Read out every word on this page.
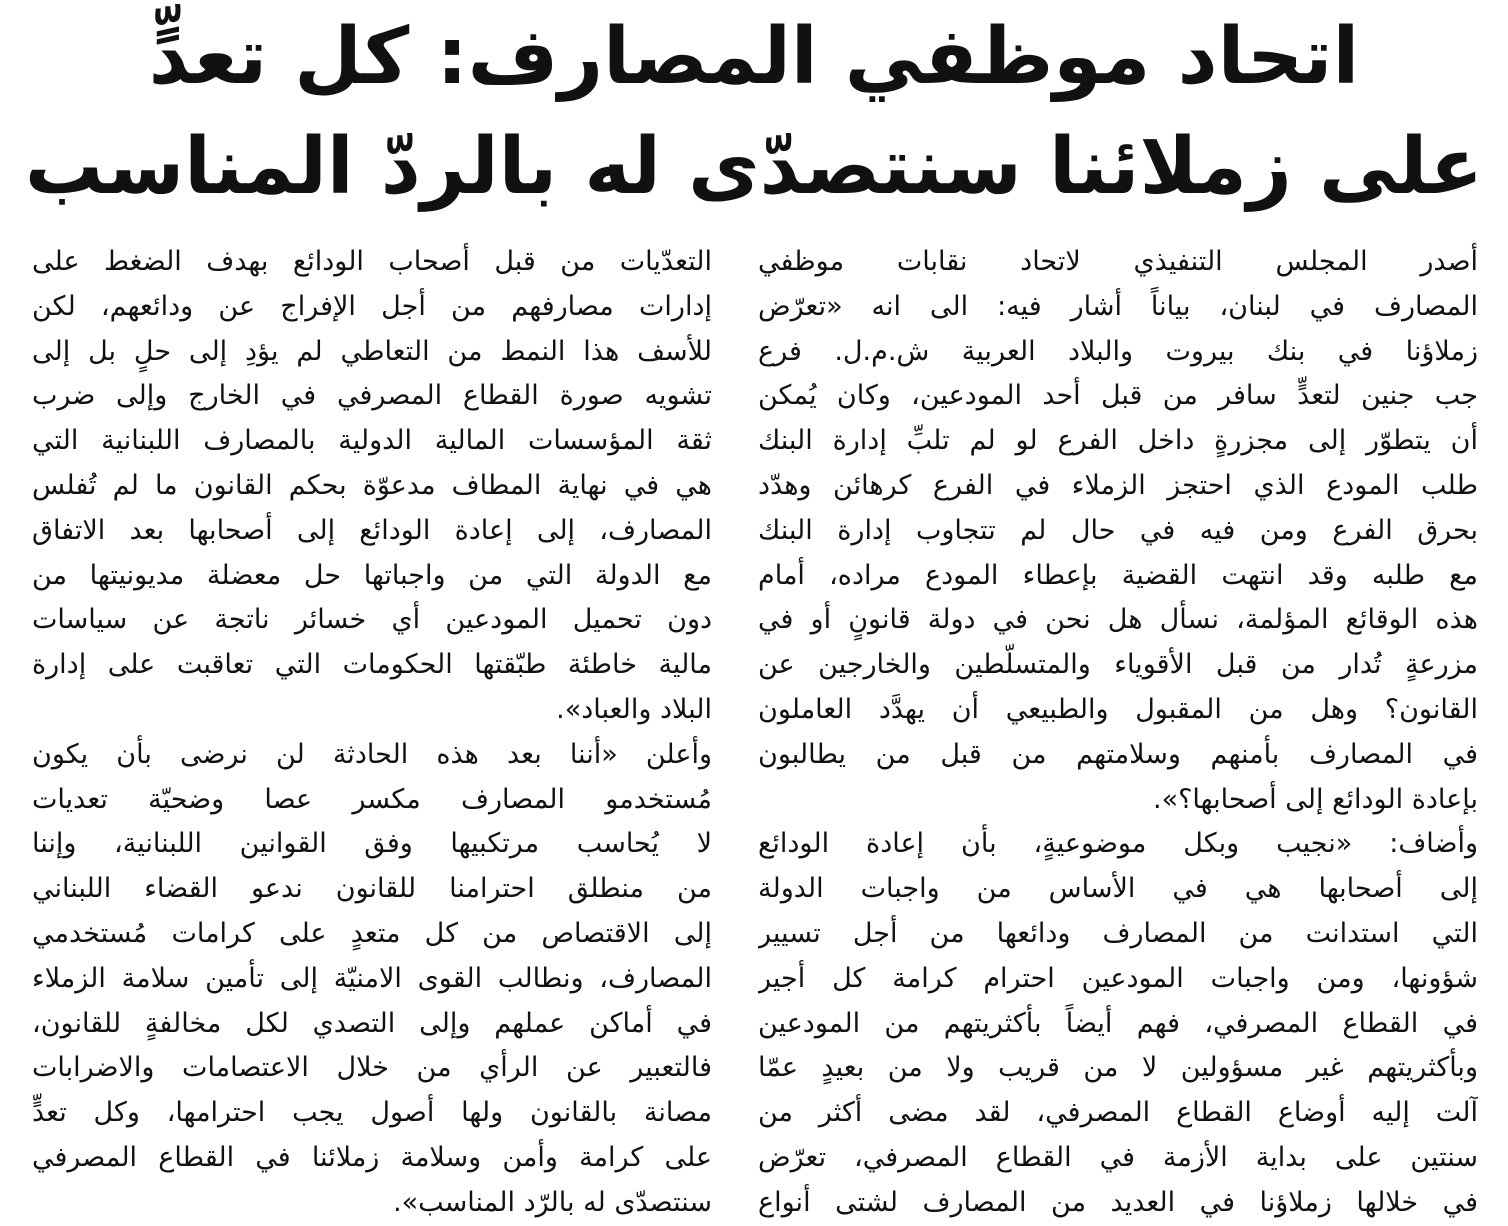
اتحاد موظفي المصارف: كل تعدٍّ
على زملائنا سنتصدّى له بالردّ المناسب
أصدر المجلس التنفيذي لاتحاد نقابات موظفي
المصارف في لبنان، بياناً أشار فيه: الى انه «تعرّض
زملاؤنا في بنك بيروت والبلاد العربية ش.م.ل. فرع
جب جنين لتعدٍّ سافر من قبل أحد المودعين، وكان يُمكن
أن يتطوّر إلى مجزرةٍ داخل الفرع لو لم تلبِّ إدارة البنك
طلب المودع الذي احتجز الزملاء في الفرع كرهائن وهدّد
بحرق الفرع ومن فيه في حال لم تتجاوب إدارة البنك
مع طلبه وقد انتهت القضية بإعطاء المودع مراده، أمام
هذه الوقائع المؤلمة، نسأل هل نحن في دولة قانونٍ أو في
مزرعةٍ تُدار من قبل الأقوياء والمتسلّطين والخارجين عن
القانون؟ وهل من المقبول والطبيعي أن يهدَّد العاملون
في المصارف بأمنهم وسلامتهم من قبل من يطالبون
بإعادة الودائع إلى أصحابها؟».
وأضاف: «نجيب وبكل موضوعيةٍ، بأن إعادة الودائع
إلى أصحابها هي في الأساس من واجبات الدولة
التي استدانت من المصارف ودائعها من أجل تسيير
شؤونها، ومن واجبات المودعين احترام كرامة كل أجير
في القطاع المصرفي، فهم أيضاً بأكثريتهم من المودعين
وبأكثريتهم غير مسؤولين لا من قريب ولا من بعيدٍ عمّا
آلت إليه أوضاع القطاع المصرفي، لقد مضى أكثر من
سنتين على بداية الأزمة في القطاع المصرفي، تعرّض
في خلالها زملاؤنا في العديد من المصارف لشتى أنواع
التعدّيات من قبل أصحاب الودائع بهدف الضغط على
إدارات مصارفهم من أجل الإفراج عن ودائعهم، لكن
للأسف هذا النمط من التعاطي لم يؤدِ إلى حلٍ بل إلى
تشويه صورة القطاع المصرفي في الخارج وإلى ضرب
ثقة المؤسسات المالية الدولية بالمصارف اللبنانية التي
هي في نهاية المطاف مدعوّة بحكم القانون ما لم تُفلس
المصارف، إلى إعادة الودائع إلى أصحابها بعد الاتفاق
مع الدولة التي من واجباتها حل معضلة مديونيتها من
دون تحميل المودعين أي خسائر ناتجة عن سياسات
مالية خاطئة طبّقتها الحكومات التي تعاقبت على إدارة
البلاد والعباد».
وأعلن «أننا بعد هذه الحادثة لن نرضى بأن يكون
مُستخدمو المصارف مكسر عصا وضحيّة تعديات
لا يُحاسب مرتكبيها وفق القوانين اللبنانية، وإننا
من منطلق احترامنا للقانون ندعو القضاء اللبناني
إلى الاقتصاص من كل متعدٍ على كرامات مُستخدمي
المصارف، ونطالب القوى الامنيّة إلى تأمين سلامة الزملاء
في أماكن عملهم وإلى التصدي لكل مخالفةٍ للقانون،
فالتعبير عن الرأي من خلال الاعتصامات والاضرابات
مصانة بالقانون ولها أصول يجب احترامها، وكل تعدٍّ
على كرامة وأمن وسلامة زملائنا في القطاع المصرفي
سنتصدّى له بالرّد المناسب».
